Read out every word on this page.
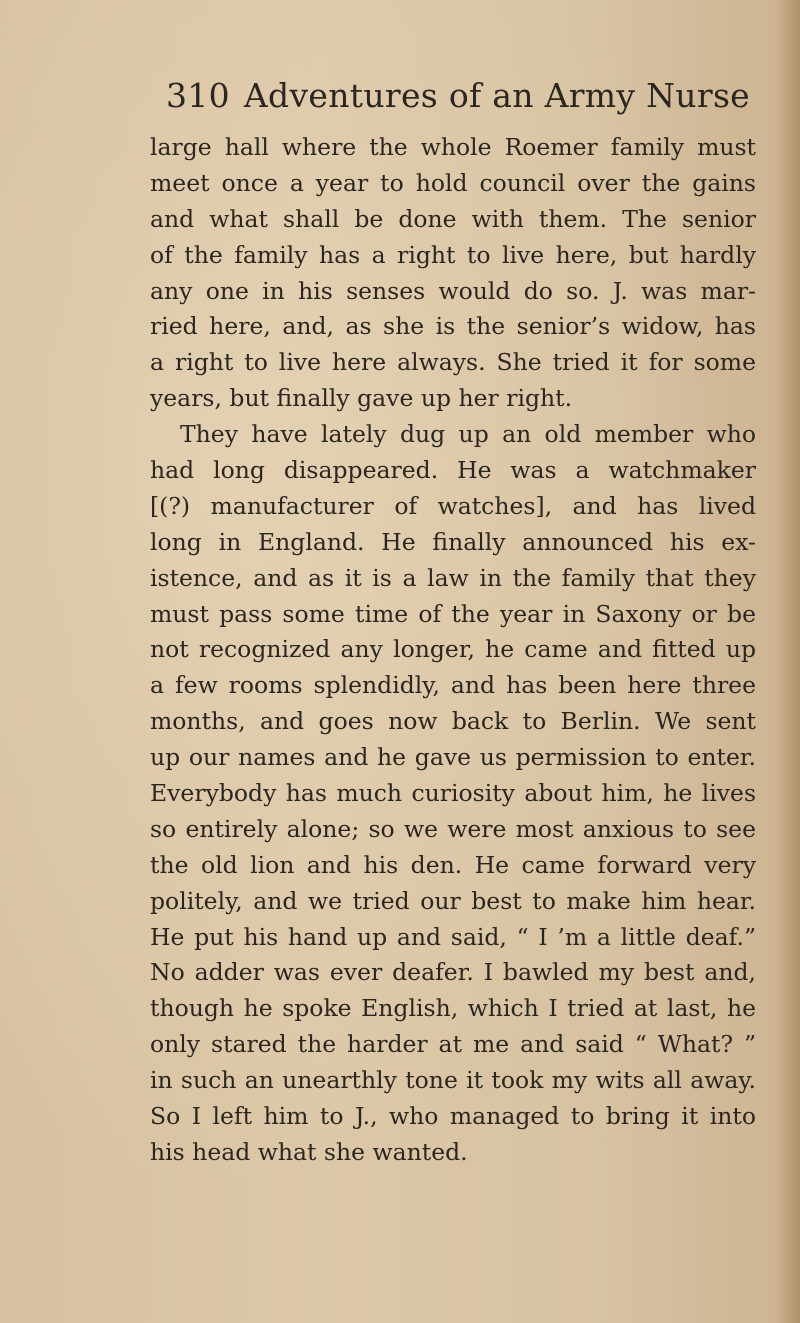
310 Adventures of an Army Nurse
large hall where the whole Roemer family must
meet once a year to hold council over the gains
and what shall be done with them. The senior
of the family has a right to live here, but hardly
any one in his senses would do so. J. was mar-
ried here, and, as she is the senior’s widow, has
a right to live here always. She tried it for some
years, but finally gave up her right.
They have lately dug up an old member who
had long disappeared. He was a watchmaker
[(?) manufacturer of watches], and has lived
long in England. He finally announced his ex-
istence, and as it is a law in the family that they
must pass some time of the year in Saxony or be
not recognized any longer, he came and fitted up
a few rooms splendidly, and has been here three
months, and goes now back to Berlin. We sent
up our names and he gave us permission to enter.
Everybody has much curiosity about him, he lives
so entirely alone; so we were most anxious to see
the old lion and his den. He came forward very
politely, and we tried our best to make him hear.
He put his hand up and said, “ I ’m a little deaf.”
No adder was ever deafer. I bawled my best and,
though he spoke English, which I tried at last, he
only stared the harder at me and said “ What? ”
in such an unearthly tone it took my wits all away.
So I left him to J., who managed to bring it into
his head what she wanted.
